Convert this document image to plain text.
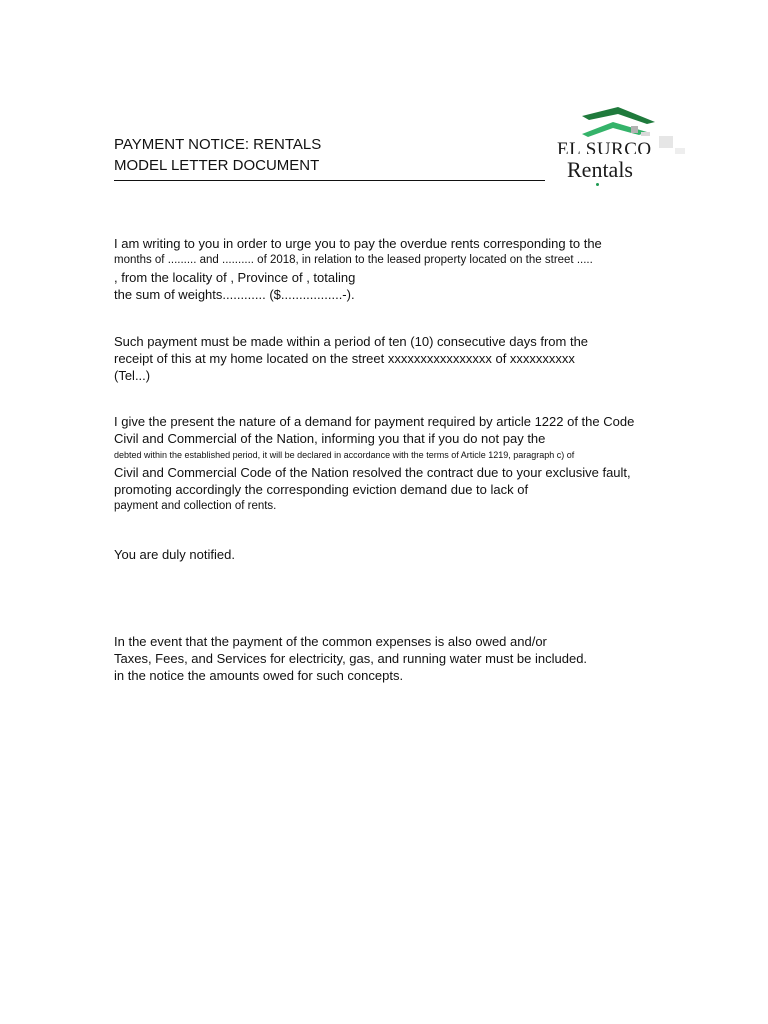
PAYMENT NOTICE: RENTALS
MODEL LETTER DOCUMENT
EL SURCO
Rentals
I am writing to you in order to urge you to pay the overdue rents corresponding to the
months of ......... and .......... of 2018, in relation to the leased property located on the street .....
, from the locality of , Province of , totaling
the sum of weights............ ($.................-).
Such payment must be made within a period of ten (10) consecutive days from the
receipt of this at my home located on the street xxxxxxxxxxxxxxxx of xxxxxxxxxx
(Tel...)
I give the present the nature of a demand for payment required by article 1222 of the Code
Civil and Commercial of the Nation, informing you that if you do not pay the
debted within the established period, it will be declared in accordance with the terms of Article 1219, paragraph c) of
Civil and Commercial Code of the Nation resolved the contract due to your exclusive fault,
promoting accordingly the corresponding eviction demand due to lack of
payment and collection of rents.
You are duly notified.
In the event that the payment of the common expenses is also owed and/or
Taxes, Fees, and Services for electricity, gas, and running water must be included.
in the notice the amounts owed for such concepts.
